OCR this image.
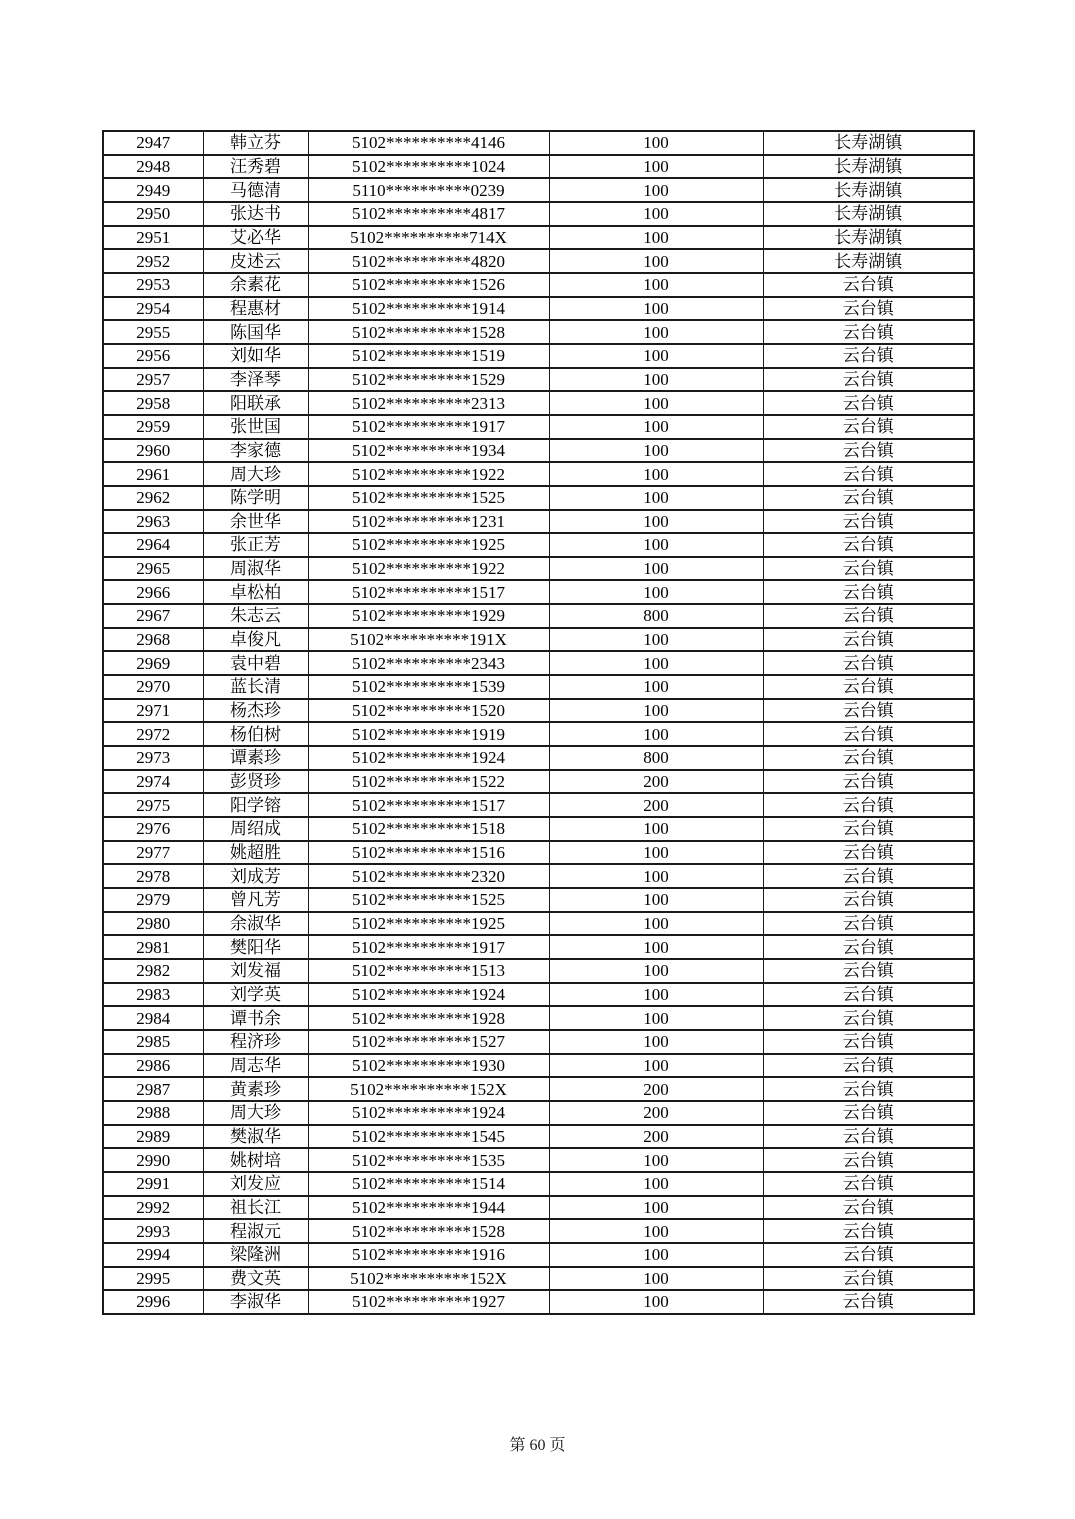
2947	韩立芬	5102**********4146	100	长寿湖镇
2948	汪秀碧	5102**********1024	100	长寿湖镇
2949	马德清	5110**********0239	100	长寿湖镇
2950	张达书	5102**********4817	100	长寿湖镇
2951	艾必华	5102**********714X	100	长寿湖镇
2952	皮述云	5102**********4820	100	长寿湖镇
2953	余素花	5102**********1526	100	云台镇
2954	程惠材	5102**********1914	100	云台镇
2955	陈国华	5102**********1528	100	云台镇
2956	刘如华	5102**********1519	100	云台镇
2957	李泽琴	5102**********1529	100	云台镇
2958	阳联承	5102**********2313	100	云台镇
2959	张世国	5102**********1917	100	云台镇
2960	李家德	5102**********1934	100	云台镇
2961	周大珍	5102**********1922	100	云台镇
2962	陈学明	5102**********1525	100	云台镇
2963	余世华	5102**********1231	100	云台镇
2964	张正芳	5102**********1925	100	云台镇
2965	周淑华	5102**********1922	100	云台镇
2966	卓松柏	5102**********1517	100	云台镇
2967	朱志云	5102**********1929	800	云台镇
2968	卓俊凡	5102**********191X	100	云台镇
2969	袁中碧	5102**********2343	100	云台镇
2970	蓝长清	5102**********1539	100	云台镇
2971	杨杰珍	5102**********1520	100	云台镇
2972	杨伯树	5102**********1919	100	云台镇
2973	谭素珍	5102**********1924	800	云台镇
2974	彭贤珍	5102**********1522	200	云台镇
2975	阳学镕	5102**********1517	200	云台镇
2976	周绍成	5102**********1518	100	云台镇
2977	姚超胜	5102**********1516	100	云台镇
2978	刘成芳	5102**********2320	100	云台镇
2979	曾凡芳	5102**********1525	100	云台镇
2980	余淑华	5102**********1925	100	云台镇
2981	樊阳华	5102**********1917	100	云台镇
2982	刘发福	5102**********1513	100	云台镇
2983	刘学英	5102**********1924	100	云台镇
2984	谭书余	5102**********1928	100	云台镇
2985	程济珍	5102**********1527	100	云台镇
2986	周志华	5102**********1930	100	云台镇
2987	黄素珍	5102**********152X	200	云台镇
2988	周大珍	5102**********1924	200	云台镇
2989	樊淑华	5102**********1545	200	云台镇
2990	姚树培	5102**********1535	100	云台镇
2991	刘发应	5102**********1514	100	云台镇
2992	祖长江	5102**********1944	100	云台镇
2993	程淑元	5102**********1528	100	云台镇
2994	梁隆洲	5102**********1916	100	云台镇
2995	费文英	5102**********152X	100	云台镇
2996	李淑华	5102**********1927	100	云台镇
第 60 页
